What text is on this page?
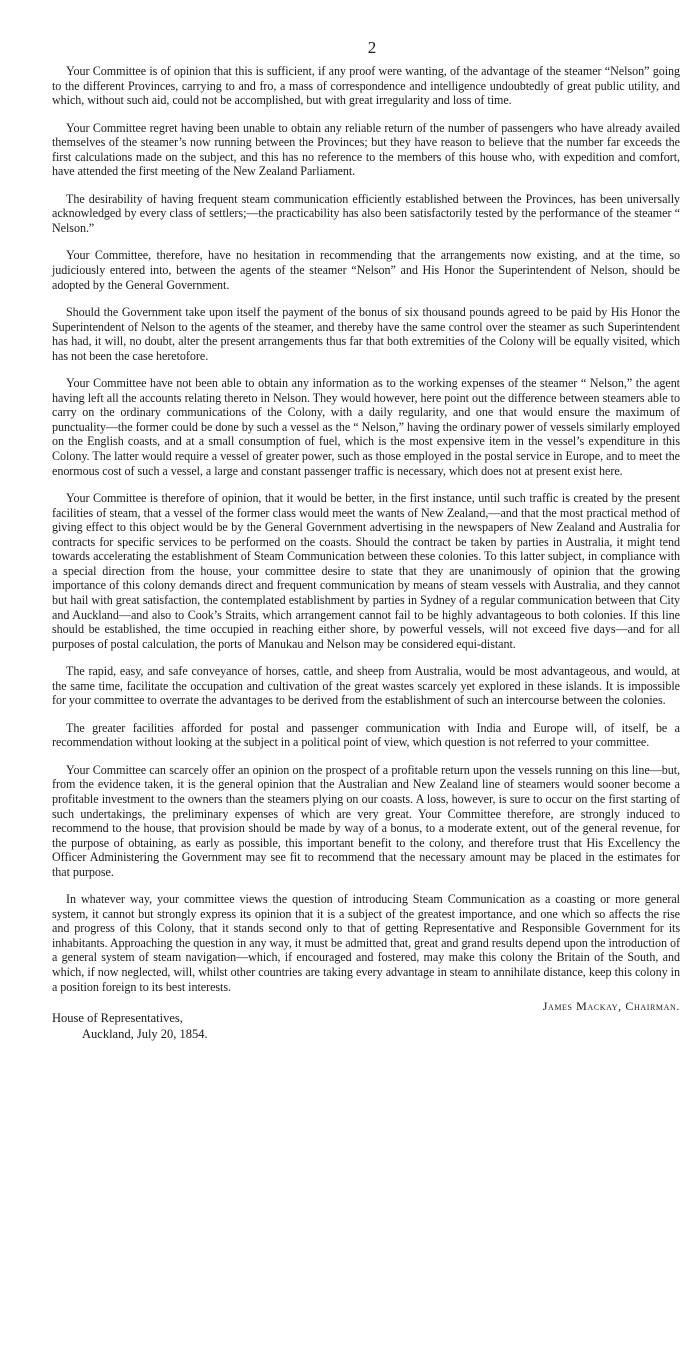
2

Your Committee is of opinion that this is sufficient, if any proof were wanting, of the advantage of the steamer “Nelson” going to the different Provinces, carrying to and fro, a mass of correspondence and intelligence undoubtedly of great public utility, and which, without such aid, could not be accomplished, but with great irregularity and loss of time.

Your Committee regret having been unable to obtain any reliable return of the number of passengers who have already availed themselves of the steamer’s now running between the Provinces; but they have reason to believe that the number far exceeds the first calculations made on the subject, and this has no reference to the members of this house who, with expedition and comfort, have attended the first meeting of the New Zealand Parliament.

The desirability of having frequent steam communication efficiently established between the Provinces, has been universally acknowledged by every class of settlers;—the practicability has also been satisfactorily tested by the performance of the steamer “ Nelson.”

Your Committee, therefore, have no hesitation in recommending that the arrangements now existing, and at the time, so judiciously entered into, between the agents of the steamer “Nelson” and His Honor the Superintendent of Nelson, should be adopted by the General Government.

Should the Government take upon itself the payment of the bonus of six thousand pounds agreed to be paid by His Honor the Superintendent of Nelson to the agents of the steamer, and thereby have the same control over the steamer as such Superintendent has had, it will, no doubt, alter the present arrangements thus far that both extremities of the Colony will be equally visited, which has not been the case heretofore.

Your Committee have not been able to obtain any information as to the working expenses of the steamer “ Nelson,” the agent having left all the accounts relating thereto in Nelson. They would however, here point out the difference between steamers able to carry on the ordinary communications of the Colony, with a daily regularity, and one that would ensure the maximum of punctuality—the former could be done by such a vessel as the “ Nelson,” having the ordinary power of vessels similarly employed on the English coasts, and at a small consumption of fuel, which is the most expensive item in the vessel’s expenditure in this Colony. The latter would require a vessel of greater power, such as those employed in the postal service in Europe, and to meet the enormous cost of such a vessel, a large and constant passenger traffic is necessary, which does not at present exist here.

Your Committee is therefore of opinion, that it would be better, in the first instance, until such traffic is created by the present facilities of steam, that a vessel of the former class would meet the wants of New Zealand,—and that the most practical method of giving effect to this object would be by the General Government advertising in the newspapers of New Zealand and Australia for contracts for specific services to be performed on the coasts. Should the contract be taken by parties in Australia, it might tend towards accelerating the establishment of Steam Communication between these colonies. To this latter subject, in compliance with a special direction from the house, your committee desire to state that they are unanimously of opinion that the growing importance of this colony demands direct and frequent communication by means of steam vessels with Australia, and they cannot but hail with great satisfaction, the contemplated establishment by parties in Sydney of a regular communication between that City and Auckland—and also to Cook’s Straits, which arrangement cannot fail to be highly advantageous to both colonies. If this line should be established, the time occupied in reaching either shore, by powerful vessels, will not exceed five days—and for all purposes of postal calculation, the ports of Manukau and Nelson may be considered equi-distant.

The rapid, easy, and safe conveyance of horses, cattle, and sheep from Australia, would be most advantageous, and would, at the same time, facilitate the occupation and cultivation of the great wastes scarcely yet explored in these islands. It is impossible for your committee to overrate the advantages to be derived from the establishment of such an intercourse between the colonies.

The greater facilities afforded for postal and passenger communication with India and Europe will, of itself, be a recommendation without looking at the subject in a political point of view, which question is not referred to your committee.

Your Committee can scarcely offer an opinion on the prospect of a profitable return upon the vessels running on this line—but, from the evidence taken, it is the general opinion that the Australian and New Zealand line of steamers would sooner become a profitable investment to the owners than the steamers plying on our coasts. A loss, however, is sure to occur on the first starting of such undertakings, the preliminary expenses of which are very great. Your Committee therefore, are strongly induced to recommend to the house, that provision should be made by way of a bonus, to a moderate extent, out of the general revenue, for the purpose of obtaining, as early as possible, this important benefit to the colony, and therefore trust that His Excellency the Officer Administering the Government may see fit to recommend that the necessary amount may be placed in the estimates for that purpose.

In whatever way, your committee views the question of introducing Steam Communication as a coasting or more general system, it cannot but strongly express its opinion that it is a subject of the greatest importance, and one which so affects the rise and progress of this Colony, that it stands second only to that of getting Representative and Responsible Government for its inhabitants. Approaching the question in any way, it must be admitted that, great and grand results depend upon the introduction of a general system of steam navigation—which, if encouraged and fostered, may make this colony the Britain of the South, and which, if now neglected, will, whilst other countries are taking every advantage in steam to annihilate distance, keep this colony in a position foreign to its best interests.

James Mackay, Chairman.
House of Representatives,
Auckland, July 20, 1854.
